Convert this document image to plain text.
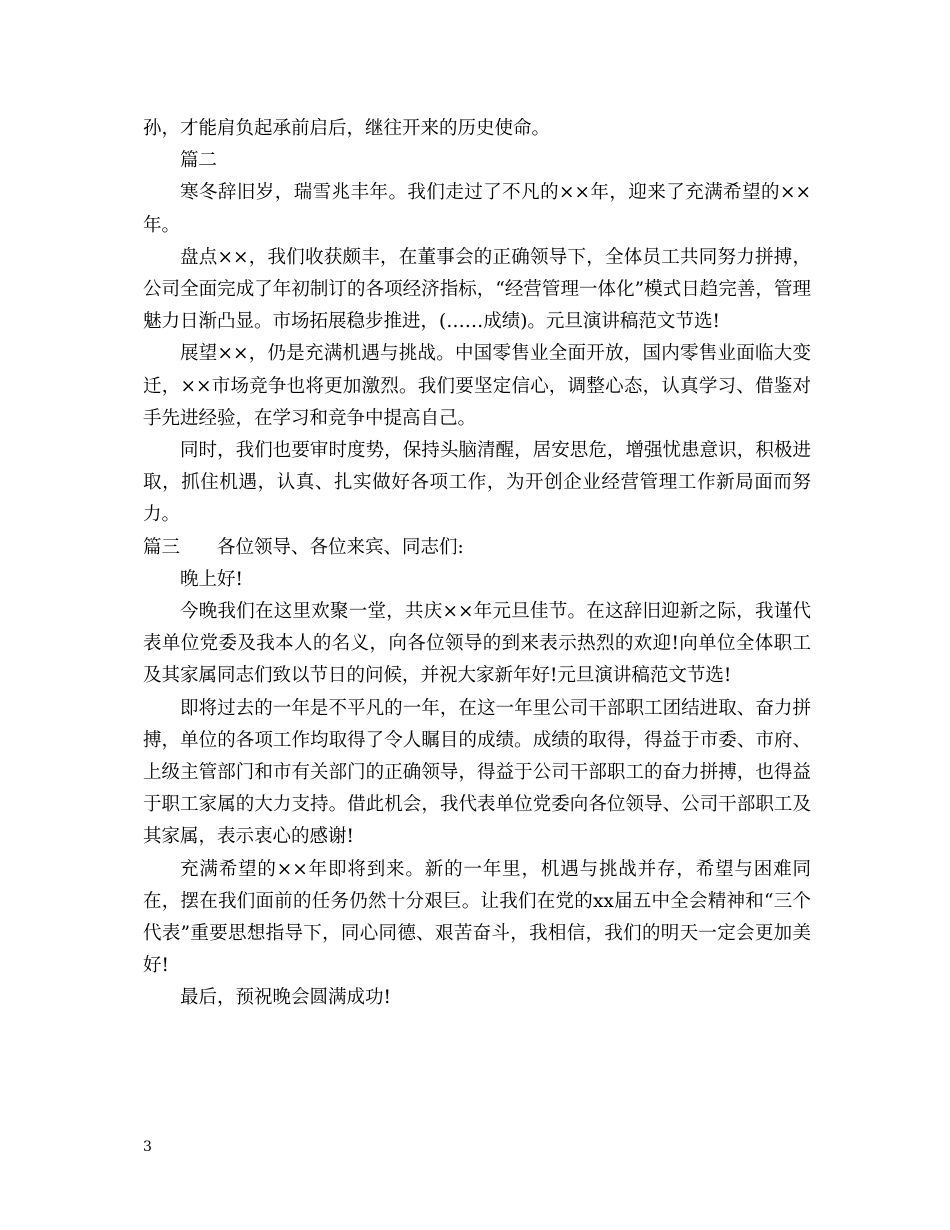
孙，才能肩负起承前启后，继往开来的历史使命。

篇二

寒冬辞旧岁，瑞雪兆丰年。我们走过了不凡的××年，迎来了充满希望的××年。

盘点××，我们收获颇丰，在董事会的正确领导下，全体员工共同努力拼搏，公司全面完成了年初制订的各项经济指标，“经营管理一体化”模式日趋完善，管理魅力日渐凸显。市场拓展稳步推进，(……成绩)。元旦演讲稿范文节选!

展望××，仍是充满机遇与挑战。中国零售业全面开放，国内零售业面临大变迁，××市场竞争也将更加激烈。我们要坚定信心，调整心态，认真学习、借鉴对手先进经验，在学习和竞争中提高自己。

同时，我们也要审时度势，保持头脑清醒，居安思危，增强忧患意识，积极进取，抓住机遇，认真、扎实做好各项工作，为开创企业经营管理工作新局面而努力。

篇三 各位领导、各位来宾、同志们:

晚上好!

今晚我们在这里欢聚一堂，共庆××年元旦佳节。在这辞旧迎新之际，我谨代表单位党委及我本人的名义，向各位领导的到来表示热烈的欢迎!向单位全体职工及其家属同志们致以节日的问候，并祝大家新年好!元旦演讲稿范文节选!

即将过去的一年是不平凡的一年，在这一年里公司干部职工团结进取、奋力拼搏，单位的各项工作均取得了令人瞩目的成绩。成绩的取得，得益于市委、市府、上级主管部门和市有关部门的正确领导，得益于公司干部职工的奋力拼搏，也得益于职工家属的大力支持。借此机会，我代表单位党委向各位领导、公司干部职工及其家属，表示衷心的感谢!

充满希望的××年即将到来。新的一年里，机遇与挑战并存，希望与困难同在，摆在我们面前的任务仍然十分艰巨。让我们在党的xx届五中全会精神和“三个代表”重要思想指导下，同心同德、艰苦奋斗，我相信，我们的明天一定会更加美好!

最后，预祝晚会圆满成功!

3
